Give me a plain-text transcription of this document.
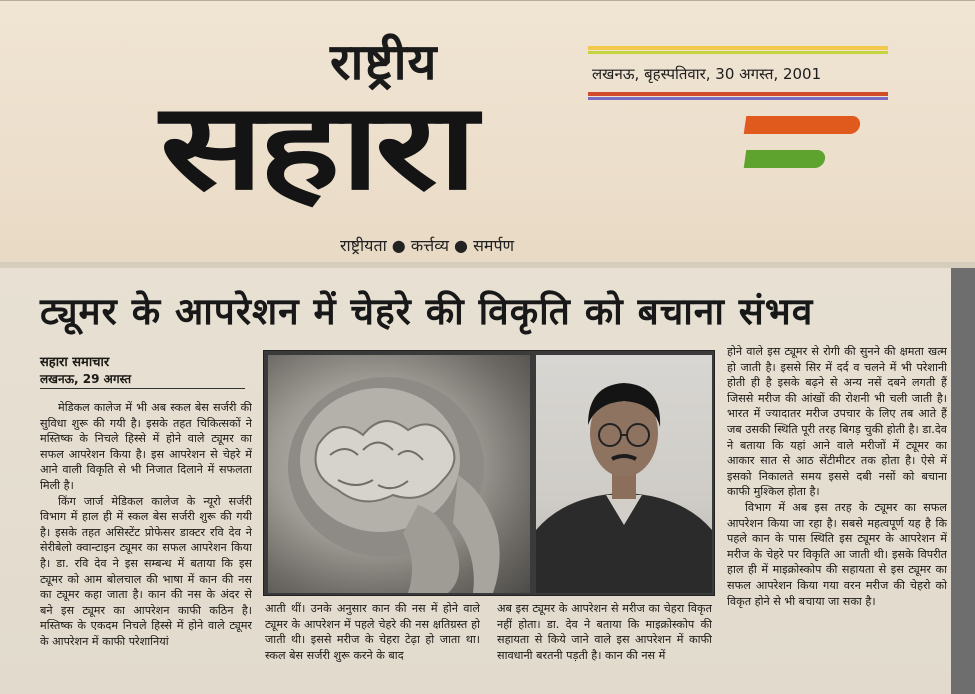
राष्ट्रीय
सहारा
लखनऊ, बृहस्पतिवार, 30 अगस्त, 2001
राष्ट्रीयता ● कर्त्तव्य ● समर्पण
ट्यूमर के आपरेशन में चेहरे की विकृति को बचाना संभव
सहारा समाचार
लखनऊ, 29 अगस्त

मेडिकल कालेज में भी अब स्कल बेस सर्जरी की सुविधा शुरू की गयी है। इसके तहत चिकित्सकों ने मस्तिष्क के निचले हिस्से में होने वाले ट्यूमर का सफल आपरेशन किया है। इस आपरेशन से चेहरे में आने वाली विकृति से भी निजात दिलाने में सफलता मिली है।

किंग जार्ज मेडिकल कालेज के न्यूरो सर्जरी विभाग में हाल ही में स्कल बेस सर्जरी शुरू की गयी है। इसके तहत असिस्टेंट प्रोफेसर डाक्टर रवि देव ने सेरीबेलो क्वान्टाइन ट्यूमर का सफल आपरेशन किया है। डा. रवि देव ने इस सम्बन्ध में बताया कि इस ट्यूमर को आम बोलचाल की भाषा में कान की नस का ट्यूमर कहा जाता है। कान की नस के अंदर से बने इस ट्यूमर का आपरेशन काफी कठिन है। मस्तिष्क के एकदम निचले हिस्से में होने वाले ट्यूमर के आपरेशन में काफी परेशानियां

आती थीं। उनके अनुसार कान की नस में होने वाले ट्यूमर के आपरेशन में पहले चेहरे की नस क्षतिग्रस्त हो जाती थी। इससे मरीज के चेहरा टेढ़ा हो जाता था। स्कल बेस सर्जरी शुरू करने के बाद

अब इस ट्यूमर के आपरेशन से मरीज का चेहरा विकृत नहीं होता। डा. देव ने बताया कि माइक्रोस्कोप की सहायता से किये जाने वाले इस आपरेशन में काफी सावधानी बरतनी पड़ती है। कान की नस में

होने वाले इस ट्यूमर से रोगी की सुनने की क्षमता खत्म हो जाती है। इससे सिर में दर्द व चलने में भी परेशानी होती ही है इसके बढ़ने से अन्य नसें दबने लगती हैं जिससे मरीज की आंखों की रोशनी भी चली जाती है। भारत में ज्यादातर मरीज उपचार के लिए तब आते हैं जब उसकी स्थिति पूरी तरह बिगड़ चुकी होती है। डा.देव ने बताया कि यहां आने वाले मरीजों में ट्यूमर का आकार सात से आठ सेंटीमीटर तक होता है। ऐसे में इसको निकालते समय इससे दबी नसों को बचाना काफी मुश्किल होता है।

विभाग में अब इस तरह के ट्यूमर का सफल आपरेशन किया जा रहा है। सबसे महत्वपूर्ण यह है कि पहले कान के पास स्थिति इस ट्यूमर के आपरेशन में मरीज के चेहरे पर विकृति आ जाती थी। इसके विपरीत हाल ही में माइक्रोस्कोप की सहायता से इस ट्यूमर का सफल आपरेशन किया गया वरन मरीज की चेहरो को विकृत होने से भी बचाया जा सका है।
